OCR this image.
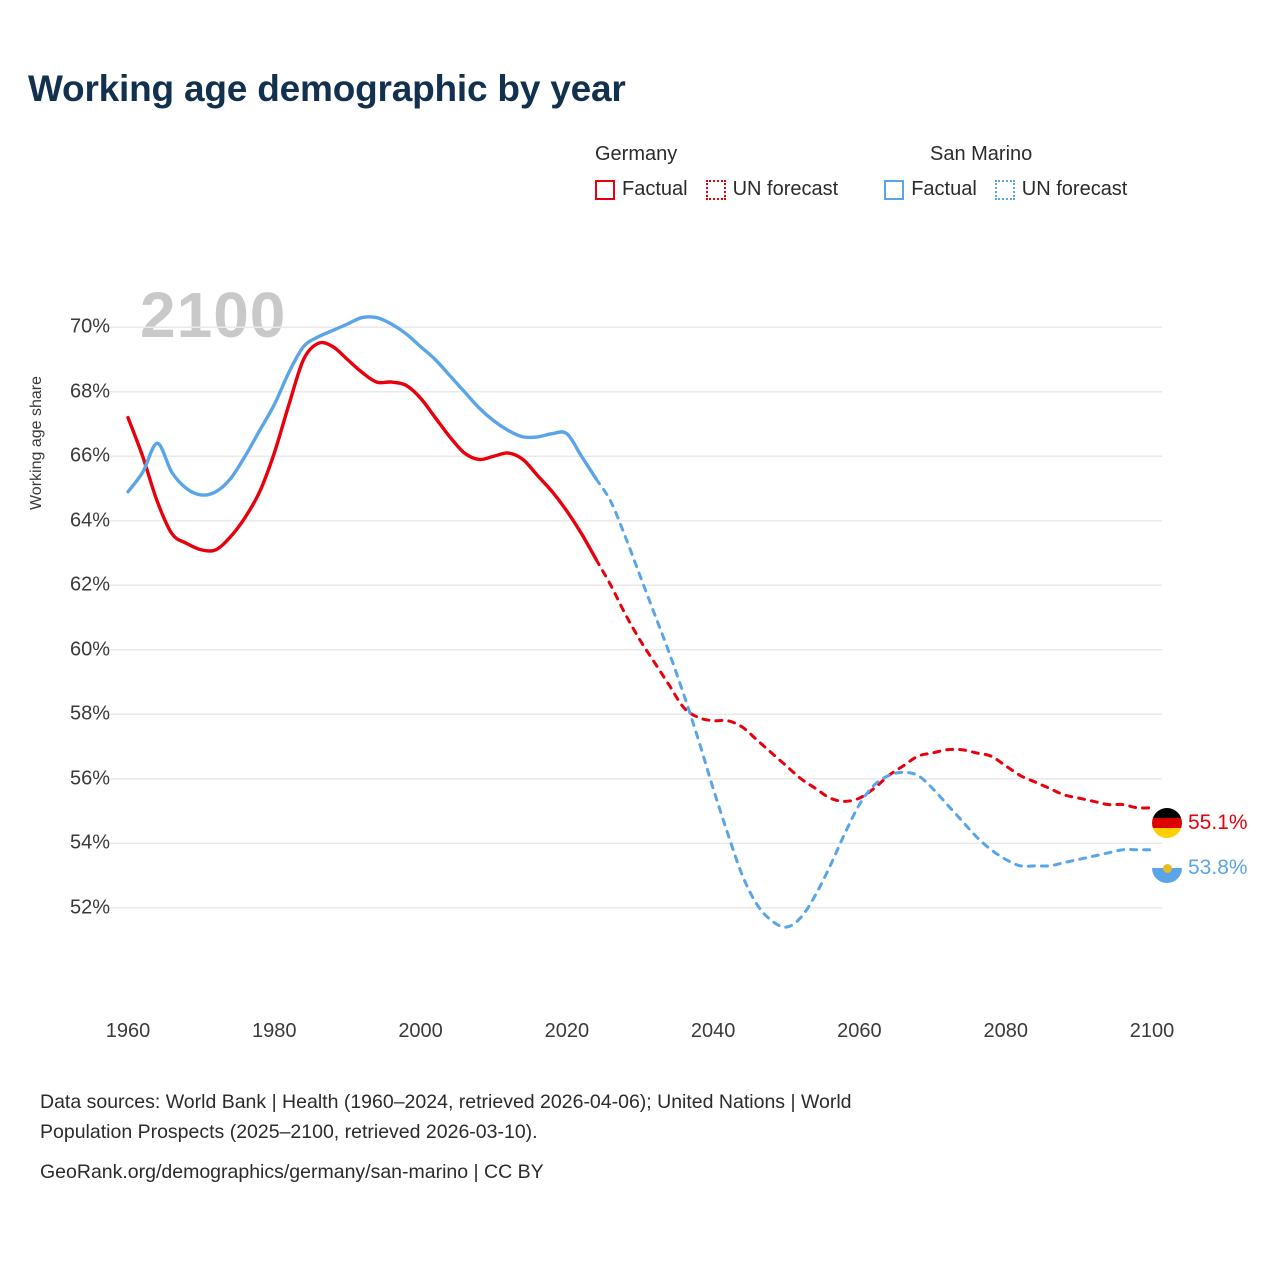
Working age demographic by year
Germany	San Marino
Factual UN forecast	Factual UN forecast
2100
Working age share
52%
54%
56%
58%
60%
62%
64%
66%
68%
70%
1960	1980	2000	2020	2040	2060	2080	2100
55.1%
53.8%
Data sources: World Bank | Health (1960–2024, retrieved 2026-04-06); United Nations | World
Population Prospects (2025–2100, retrieved 2026-03-10).
GeoRank.org/demographics/germany/san-marino | CC BY
